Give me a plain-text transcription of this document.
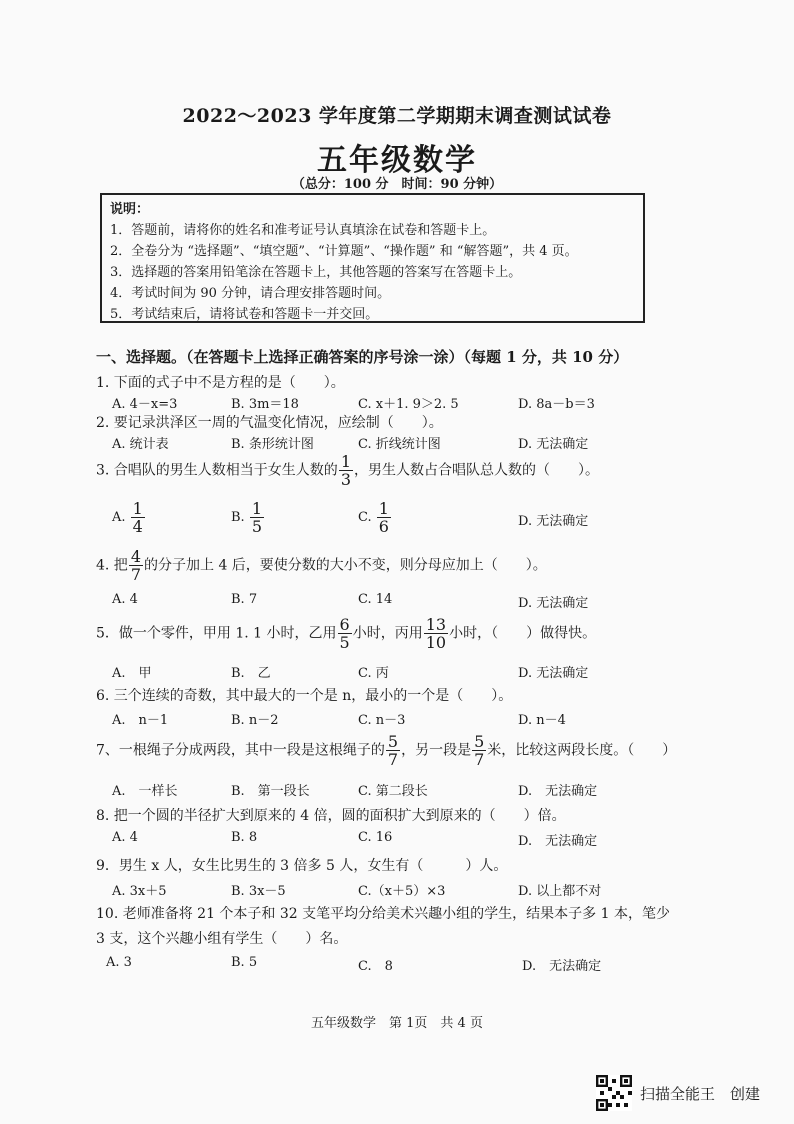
2022～2023 学年度第二学期期末调查测试试卷
五年级数学
（总分：100 分　时间：90 分钟）
说明：
1．答题前，请将你的姓名和准考证号认真填涂在试卷和答题卡上。
2．全卷分为 “选择题”、“填空题”、“计算题”、“操作题” 和 “解答题”，共 4 页。
3．选择题的答案用铅笔涂在答题卡上，其他答题的答案写在答题卡上。
4．考试时间为 90 分钟，请合理安排答题时间。
5．考试结束后，请将试卷和答题卡一并交回。
一、选择题。（在答题卡上选择正确答案的序号涂一涂）（每题 1 分，共 10 分）
1. 下面的式子中不是方程的是（　　）。
A. 4－x=3	B. 3m＝18	C. x＋1. 9＞2. 5	D. 8a－b＝3
2. 要记录洪泽区一周的气温变化情况，应绘制（　　）。
A. 统计表	B. 条形统计图	C. 折线统计图	D. 无法确定
3. 合唱队的男生人数相当于女生人数的 $\frac{1}{3}$ ，男生人数占合唱队总人数的（　　）。
A. $\frac{1}{4}$	B. $\frac{1}{5}$	C. $\frac{1}{6}$	D. 无法确定
4. 把 $\frac{4}{7}$ 的分子加上 4 后，要使分数的大小不变，则分母应加上（　　）。
A. 4	B. 7	C. 14	D. 无法确定
5．做一个零件，甲用 1. 1 小时，乙用 $\frac{6}{5}$ 小时，丙用 $\frac{13}{10}$ 小时，（　　）做得快。
A.　甲	B.　乙	C. 丙	D. 无法确定
6. 三个连续的奇数，其中最大的一个是 n，最小的一个是（　　）。
A.　n－1	B. n－2	C. n－3	D. n－4
7、一根绳子分成两段，其中一段是这根绳子的 $\frac{5}{7}$ ，另一段是 $\frac{5}{7}$ 米，比较这两段长度。（　　）
A.　一样长	B.　第一段长	C. 第二段长	D.　无法确定
8. 把一个圆的半径扩大到原来的 4 倍，圆的面积扩大到原来的（　　）倍。
A. 4	B. 8	C. 16	D.　无法确定
9．男生 x 人，女生比男生的 3 倍多 5 人，女生有（　　　）人。
A. 3x＋5	B. 3x－5	C.（x＋5）×3	D. 以上都不对
10. 老师准备将 21 个本子和 32 支笔平均分给美术兴趣小组的学生，结果本子多 1 本，笔少
3 支，这个兴趣小组有学生（　　）名。
A. 3	B. 5	C.　8	D.　无法确定
五年级数学　第 1页　共 4 页
扫描全能王　创建
